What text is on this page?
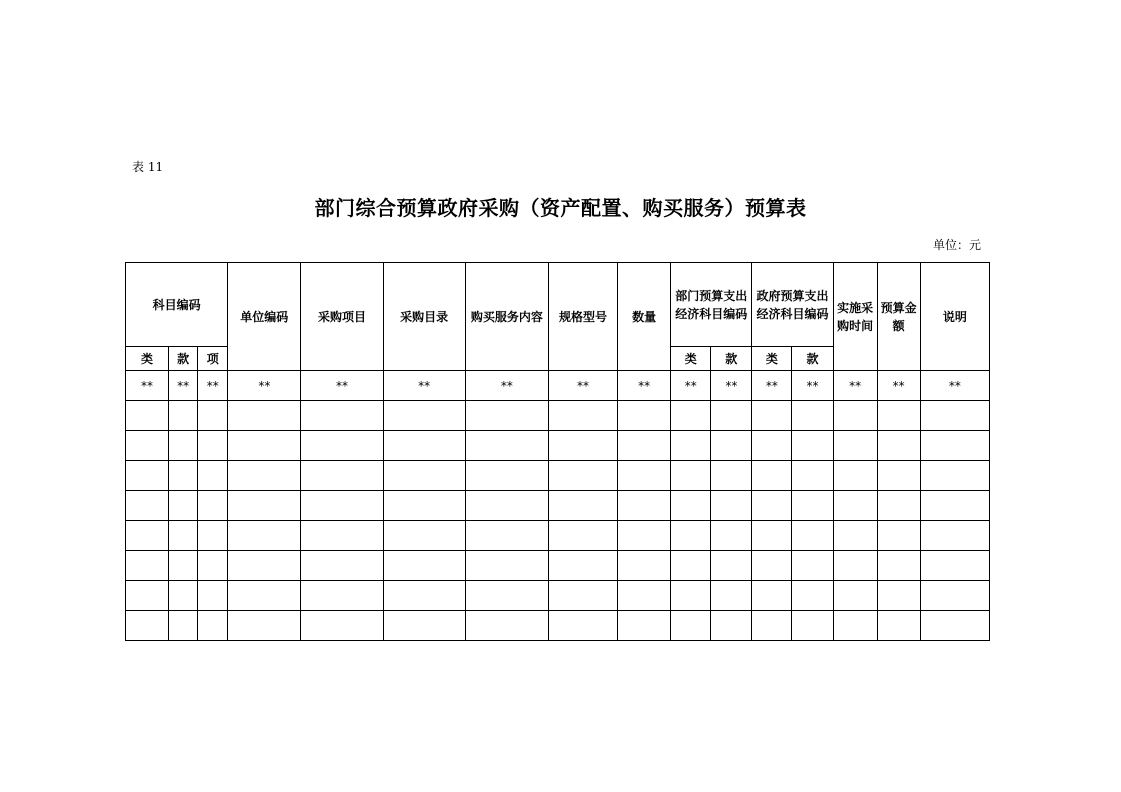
表 11
部门综合预算政府采购（资产配置、购买服务）预算表
单位：元
科目编码			单位编码	采购项目	采购目录	购买服务内容	规格型号	数量	部门预算支出经济科目编码		政府预算支出经济科目编码		实施采购时间	预算金额	说明
类	款	项							类	款	类	款			
**	**	**	**	**	**	**	**	**	**	**	**	**	**	**	**
